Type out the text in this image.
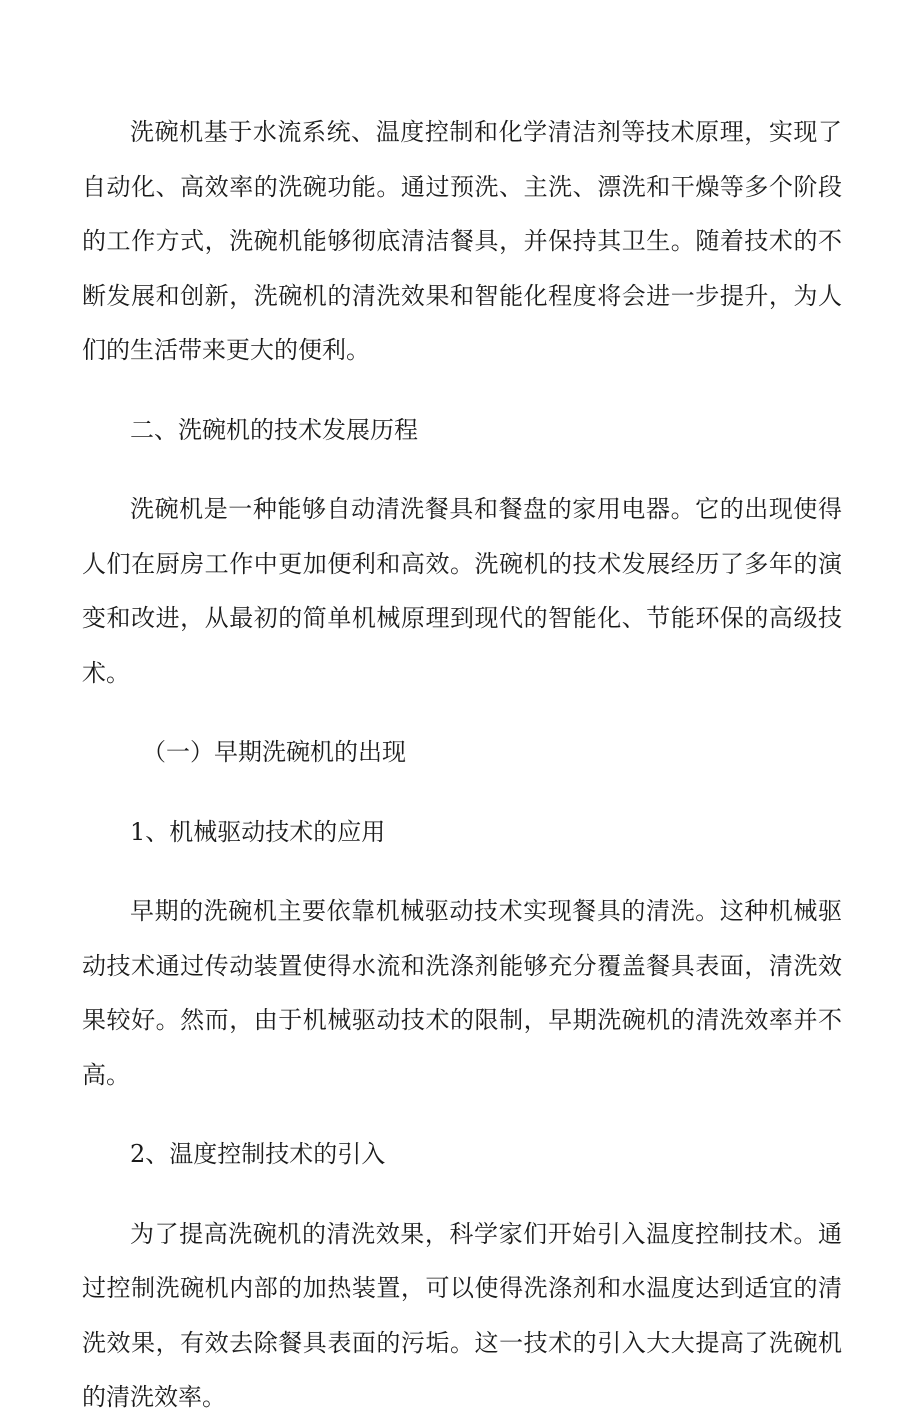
洗碗机基于水流系统、温度控制和化学清洁剂等技术原理，实现了自动化、高效率的洗碗功能。通过预洗、主洗、漂洗和干燥等多个阶段的工作方式，洗碗机能够彻底清洁餐具，并保持其卫生。随着技术的不断发展和创新，洗碗机的清洗效果和智能化程度将会进一步提升，为人们的生活带来更大的便利。

二、洗碗机的技术发展历程

洗碗机是一种能够自动清洗餐具和餐盘的家用电器。它的出现使得人们在厨房工作中更加便利和高效。洗碗机的技术发展经历了多年的演变和改进，从最初的简单机械原理到现代的智能化、节能环保的高级技术。

（一）早期洗碗机的出现

1、机械驱动技术的应用

早期的洗碗机主要依靠机械驱动技术实现餐具的清洗。这种机械驱动技术通过传动装置使得水流和洗涤剂能够充分覆盖餐具表面，清洗效果较好。然而，由于机械驱动技术的限制，早期洗碗机的清洗效率并不高。

2、温度控制技术的引入

为了提高洗碗机的清洗效果，科学家们开始引入温度控制技术。通过控制洗碗机内部的加热装置，可以使得洗涤剂和水温度达到适宜的清洗效果，有效去除餐具表面的污垢。这一技术的引入大大提高了洗碗机的清洗效率。
